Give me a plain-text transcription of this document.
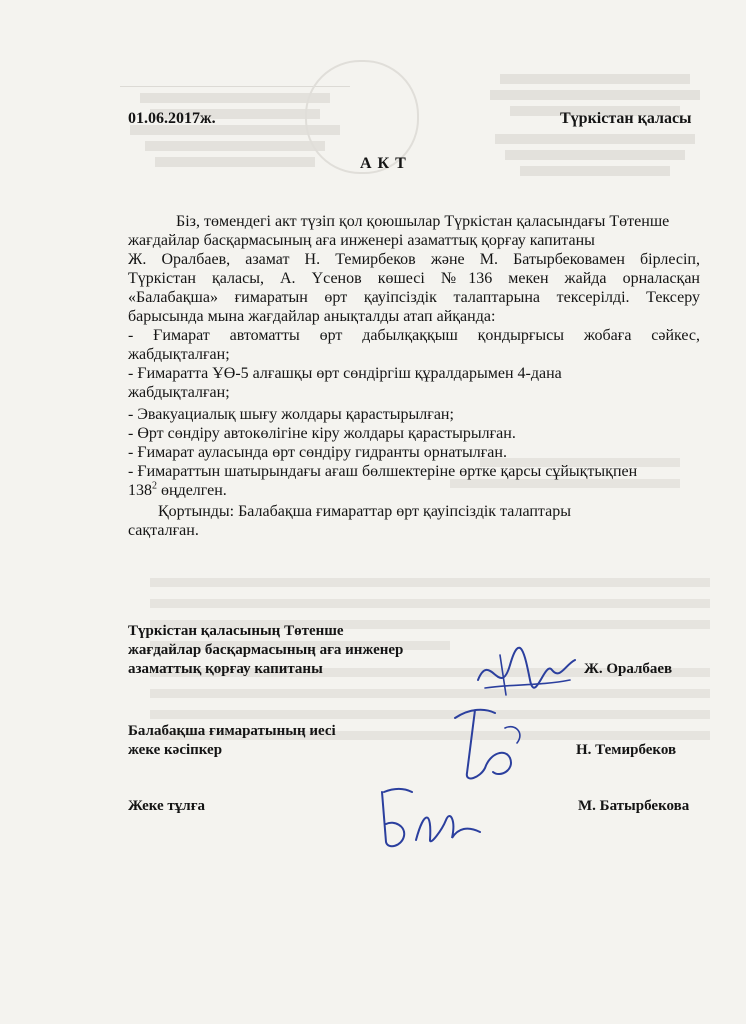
01.06.2017ж.	Түркістан қаласы
А К Т
Біз, төмендегі акт түзіп қол қоюшылар Түркістан қаласындағы Төтенше
жағдайлар басқармасының аға инженері азаматтық қорғау капитаны
Ж. Оралбаев, азамат Н. Темирбеков және М. Батырбековамен бірлесіп,
Түркістан қаласы, А. Үсенов көшесі №136 мекен жайда орналасқан
«Балабақша» ғимаратын өрт қауіпсіздік талаптарына тексерілді. Тексеру
барысында мына жағдайлар анықталды атап айқанда:
- Ғимарат автоматты өрт дабылқаққыш қондырғысы жобаға сәйкес,
жабдықталған;
- Ғимаратта ҰӨ-5 алғашқы өрт сөндіргіш құралдарымен 4-дана
жабдықталған;
- Эвакуациалық шығу жолдары қарастырылған;
- Өрт сөндіру автокөлігіне кіру жолдары қарастырылған.
- Ғимарат ауласында өрт сөндіру гидранты орнатылған.
- Ғимараттын шатырындағы ағаш бөлшектеріне өртке қарсы сұйықтықпен
$138^2$ өңделген.
Қортынды: Балабақша ғимараттар өрт қауіпсіздік талаптары
сақталған.
Түркістан қаласының Төтенше
жағдайлар басқармасының аға инженер
азаматтық қорғау капитаны	Ж. Оралбаев
Балабақша ғимаратының иесі
жеке кәсіпкер	Н. Темирбеков
Жеке тұлға	М. Батырбекова
